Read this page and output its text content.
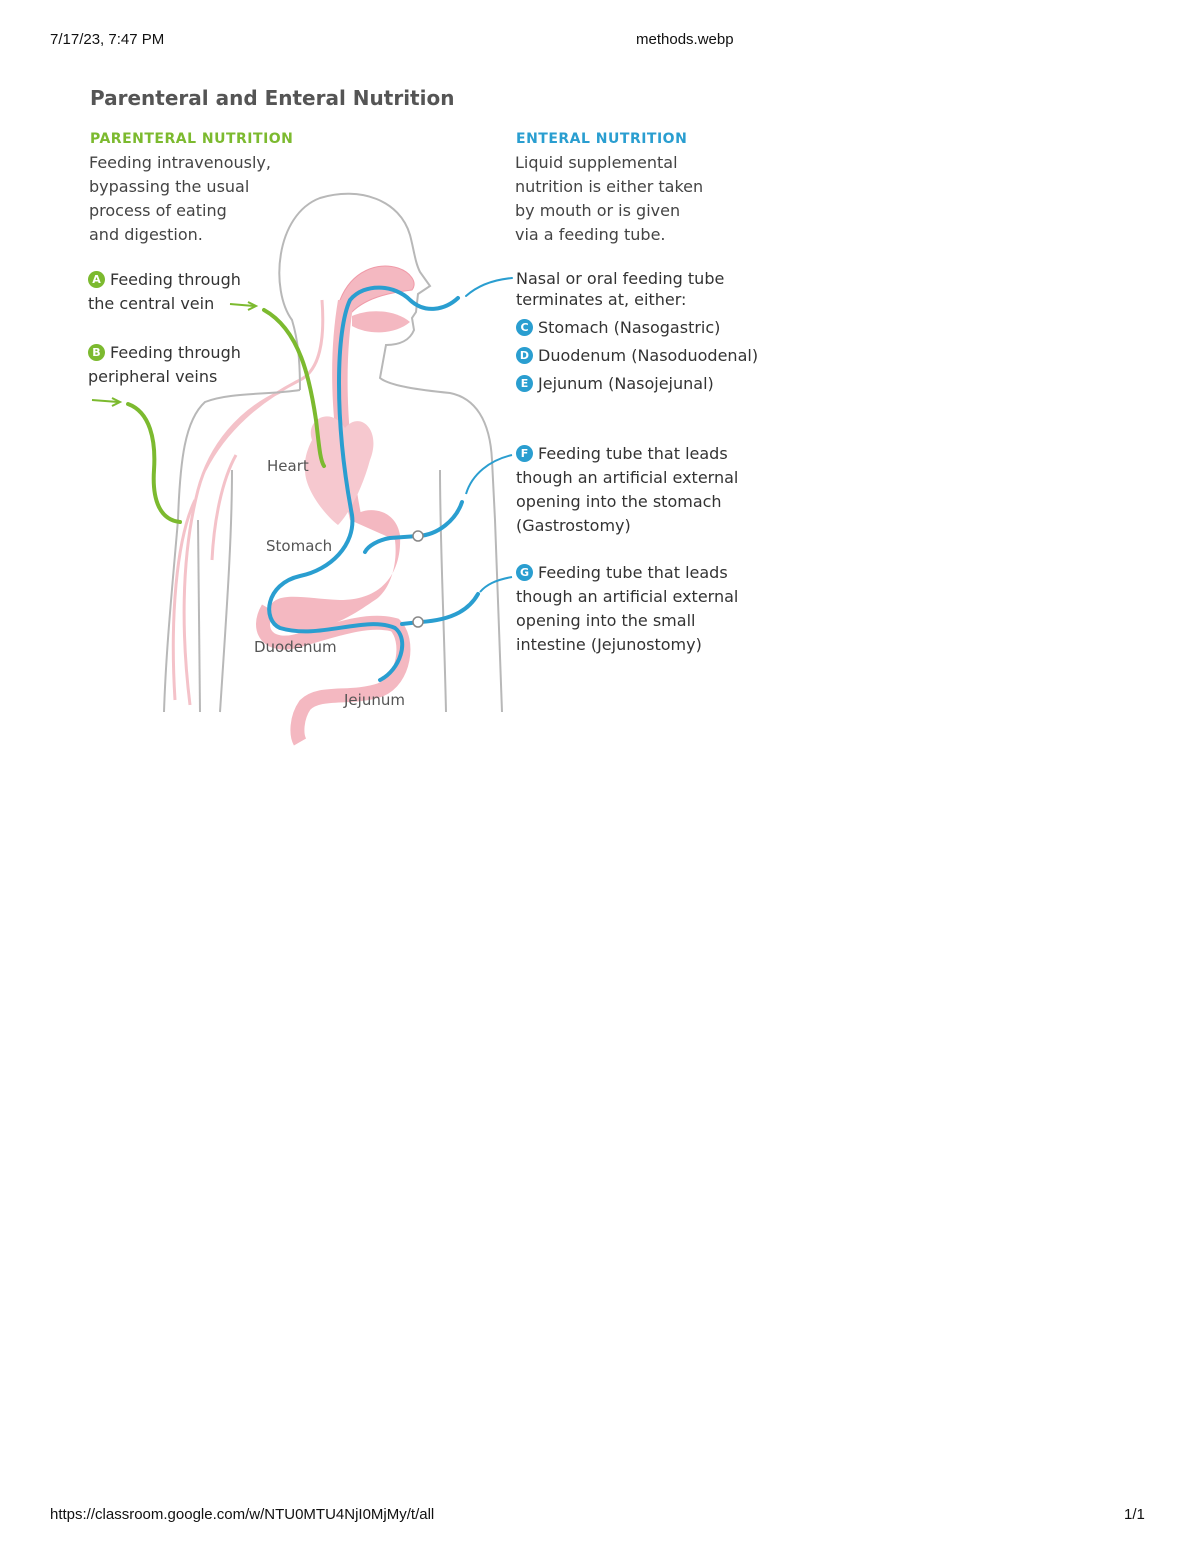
7/17/23, 7:47 PM	methods.webp
https://classroom.google.com/w/NTU0MTU4NjI0MjMy/t/all	1/1
Parenteral and Enteral Nutrition
PARENTERAL NUTRITION
Feeding intravenously,
bypassing the usual
process of eating
and digestion.
A Feeding through
the central vein
B Feeding through
peripheral veins
ENTERAL NUTRITION
Liquid supplemental
nutrition is either taken
by mouth or is given
via a feeding tube.
Nasal or oral feeding tube
terminates at, either:
C Stomach (Nasogastric)
D Duodenum (Nasoduodenal)
E Jejunum (Nasojejunal)
F Feeding tube that leads
though an artificial external
opening into the stomach
(Gastrostomy)
G Feeding tube that leads
though an artificial external
opening into the small
intestine (Jejunostomy)
Heart
Stomach
Duodenum
Jejunum
